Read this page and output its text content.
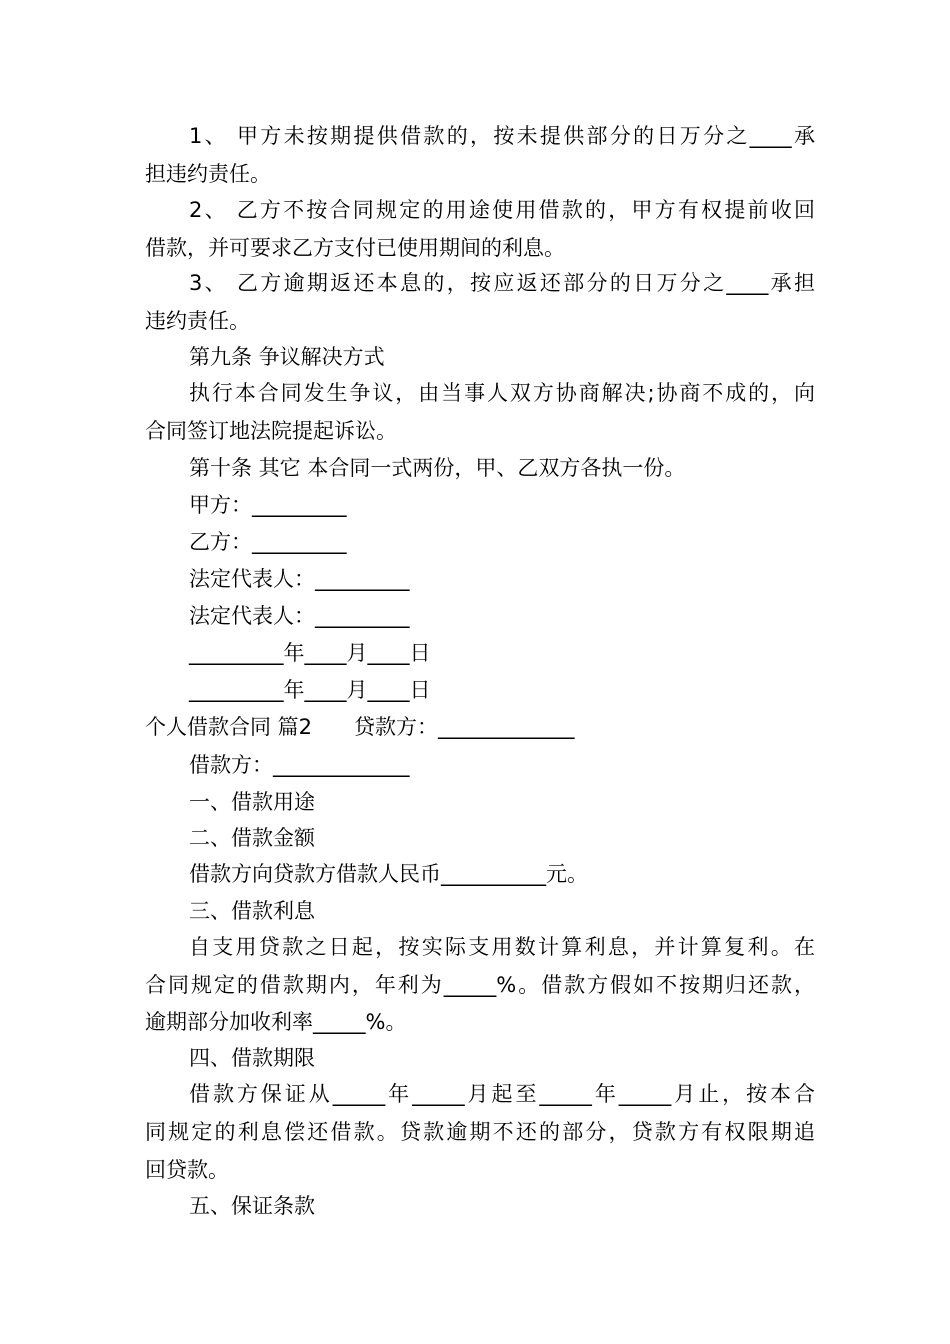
1、 甲方未按期提供借款的，按未提供部分的日万分之____承
担违约责任。
2、 乙方不按合同规定的用途使用借款的，甲方有权提前收回
借款，并可要求乙方支付已使用期间的利息。
3、 乙方逾期返还本息的，按应返还部分的日万分之____承担
违约责任。
第九条 争议解决方式
执行本合同发生争议，由当事人双方协商解决;协商不成的，向
合同签订地法院提起诉讼。
第十条 其它 本合同一式两份，甲、乙双方各执一份。
甲方：_________
乙方：_________
法定代表人：_________
法定代表人：_________
_________年____月____日
_________年____月____日
个人借款合同 篇2　　贷款方：_____________
借款方：_____________
一、借款用途
二、借款金额
借款方向贷款方借款人民币__________元。
三、借款利息
自支用贷款之日起，按实际支用数计算利息，并计算复利。在
合同规定的借款期内，年利为_____%。借款方假如不按期归还款，
逾期部分加收利率_____%。
四、借款期限
借款方保证从_____年_____月起至_____年_____月止，按本合
同规定的利息偿还借款。贷款逾期不还的部分，贷款方有权限期追
回贷款。
五、保证条款
